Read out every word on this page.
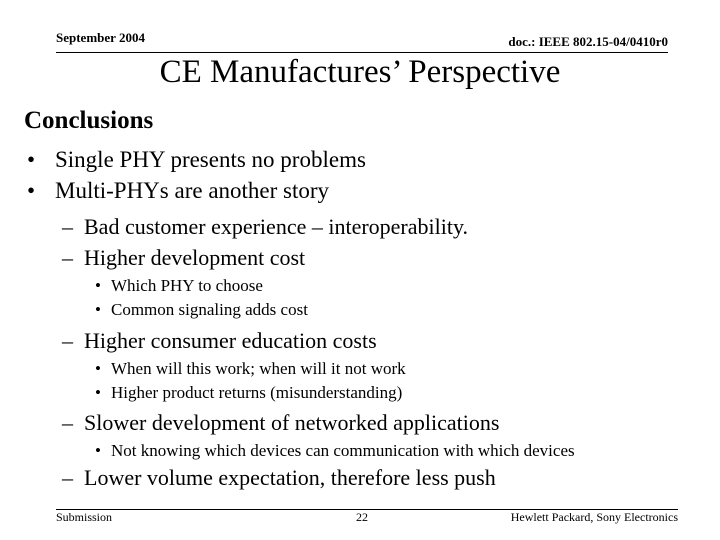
September 2004	doc.: IEEE 802.15-04/0410r0
CE Manufactures’ Perspective
Conclusions
• Single PHY presents no problems
• Multi-PHYs are another story
– Bad customer experience – interoperability.
– Higher development cost
• Which PHY to choose
• Common signaling adds cost
– Higher consumer education costs
• When will this work; when will it not work
• Higher product returns (misunderstanding)
– Slower development of networked applications
• Not knowing which devices can communication with which devices
– Lower volume expectation, therefore less push
Submission	22	Hewlett Packard, Sony Electronics
